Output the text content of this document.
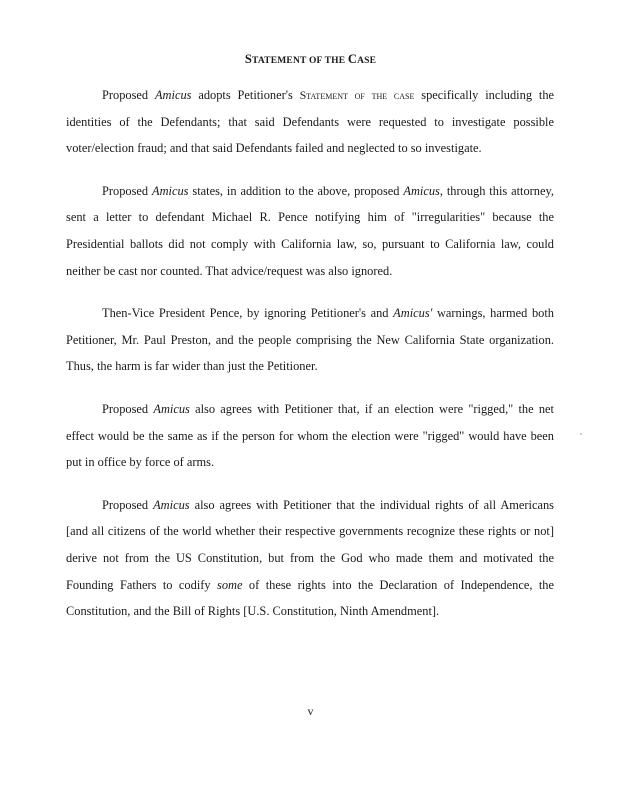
STATEMENT OF THE CASE

Proposed Amicus adopts Petitioner's Statement of the case specifically including the identities of the Defendants; that said Defendants were requested to investigate possible voter/election fraud; and that said Defendants failed and neglected to so investigate.

Proposed Amicus states, in addition to the above, proposed Amicus, through this attorney, sent a letter to defendant Michael R. Pence notifying him of "irregularities" because the Presidential ballots did not comply with California law, so, pursuant to California law, could neither be cast nor counted. That advice/request was also ignored.

Then-Vice President Pence, by ignoring Petitioner's and Amicus' warnings, harmed both Petitioner, Mr. Paul Preston, and the people comprising the New California State organization. Thus, the harm is far wider than just the Petitioner.

Proposed Amicus also agrees with Petitioner that, if an election were "rigged," the net effect would be the same as if the person for whom the election were "rigged" would have been put in office by force of arms.

Proposed Amicus also agrees with Petitioner that the individual rights of all Americans [and all citizens of the world whether their respective governments recognize these rights or not] derive not from the US Constitution, but from the God who made them and motivated the Founding Fathers to codify some of these rights into the Declaration of Independence, the Constitution, and the Bill of Rights [U.S. Constitution, Ninth Amendment].

v
